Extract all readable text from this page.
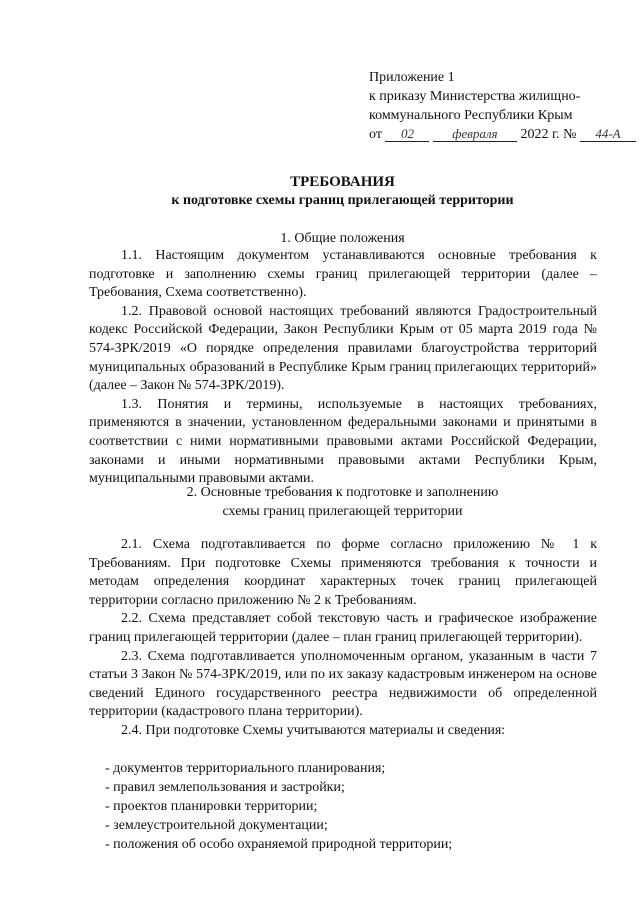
Приложение 1
к приказу Министерства жилищно-
коммунального Республики Крым
от 02	февраля 2022 г. № 44-А
ТРЕБОВАНИЯ
к подготовке схемы границ прилегающей территории
1. Общие положения

1.1. Настоящим документом устанавливаются основные требования к подготовке и заполнению схемы границ прилегающей территории (далее – Требования, Схема соответственно).

1.2. Правовой основой настоящих требований являются Градостроительный кодекс Российской Федерации, Закон Республики Крым от 05 марта 2019 года № 574-ЗРК/2019 «О порядке определения правилами благоустройства территорий муниципальных образований в Республике Крым границ прилегающих территорий» (далее – Закон № 574-ЗРК/2019).

1.3. Понятия и термины, используемые в настоящих требованиях, применяются в значении, установленном федеральными законами и принятыми в соответствии с ними нормативными правовыми актами Российской Федерации, законами и иными нормативными правовыми актами Республики Крым, муниципальными правовыми актами.

2. Основные требования к подготовке и заполнению
схемы границ прилегающей территории

2.1. Схема подготавливается по форме согласно приложению № 1 к Требованиям. При подготовке Схемы применяются требования к точности и методам определения координат характерных точек границ прилегающей территории согласно приложению № 2 к Требованиям.

2.2. Схема представляет собой текстовую часть и графическое изображение границ прилегающей территории (далее – план границ прилегающей территории).

2.3. Схема подготавливается уполномоченным органом, указанным в части 7 статьи 3 Закон № 574-ЗРК/2019, или по их заказу кадастровым инженером на основе сведений Единого государственного реестра недвижимости об определенной территории (кадастрового плана территории).

2.4. При подготовке Схемы учитываются материалы и сведения:

- документов территориального планирования;
- правил землепользования и застройки;
- проектов планировки территории;
- землеустроительной документации;
- положения об особо охраняемой природной территории;
